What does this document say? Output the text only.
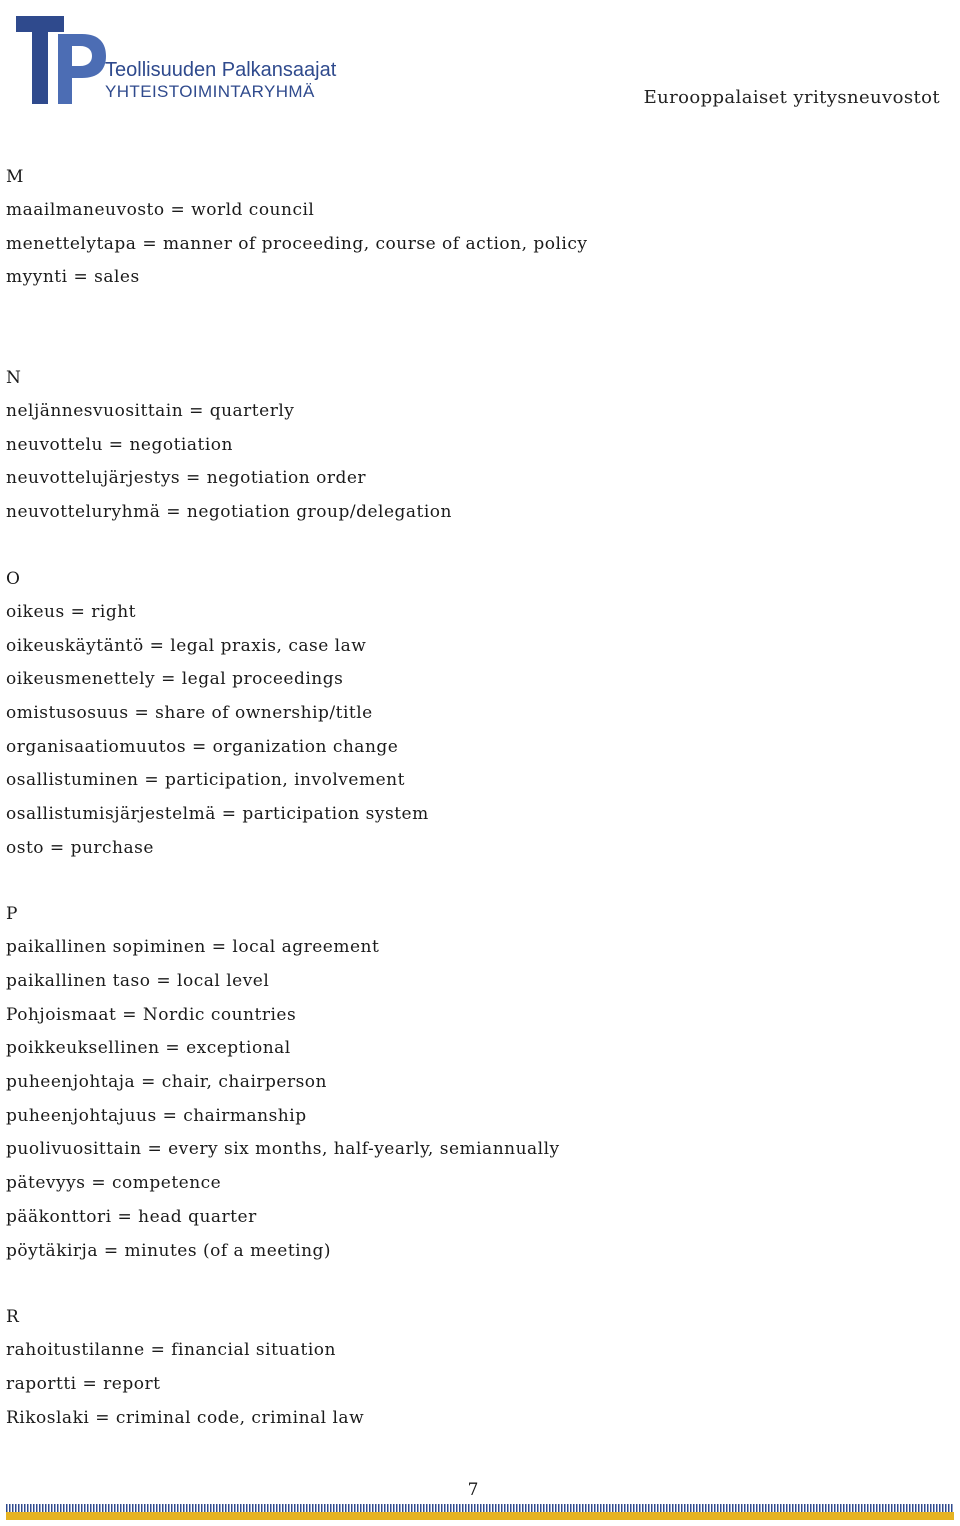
Teollisuuden Palkansaajat
YHTEISTOIMINTARYHMÄ	Eurooppalaiset yritysneuvostot
M
maailmaneuvosto = world council
menettelytapa = manner of proceeding, course of action, policy
myynti = sales
N
neljännesvuosittain = quarterly
neuvottelu = negotiation
neuvottelujärjestys = negotiation order
neuvotteluryhmä = negotiation group/delegation
O
oikeus = right
oikeuskäytäntö = legal praxis, case law
oikeusmenettely = legal proceedings
omistusosuus = share of ownership/title
organisaatiomuutos = organization change
osallistuminen = participation, involvement
osallistumisjärjestelmä = participation system
osto = purchase
P
paikallinen sopiminen = local agreement
paikallinen taso = local level
Pohjoismaat = Nordic countries
poikkeuksellinen = exceptional
puheenjohtaja = chair, chairperson
puheenjohtajuus = chairmanship
puolivuosittain = every six months, half-yearly, semiannually
pätevyys = competence
pääkonttori = head quarter
pöytäkirja = minutes (of a meeting)
R
rahoitustilanne = financial situation
raportti = report
Rikoslaki = criminal code, criminal law
7
